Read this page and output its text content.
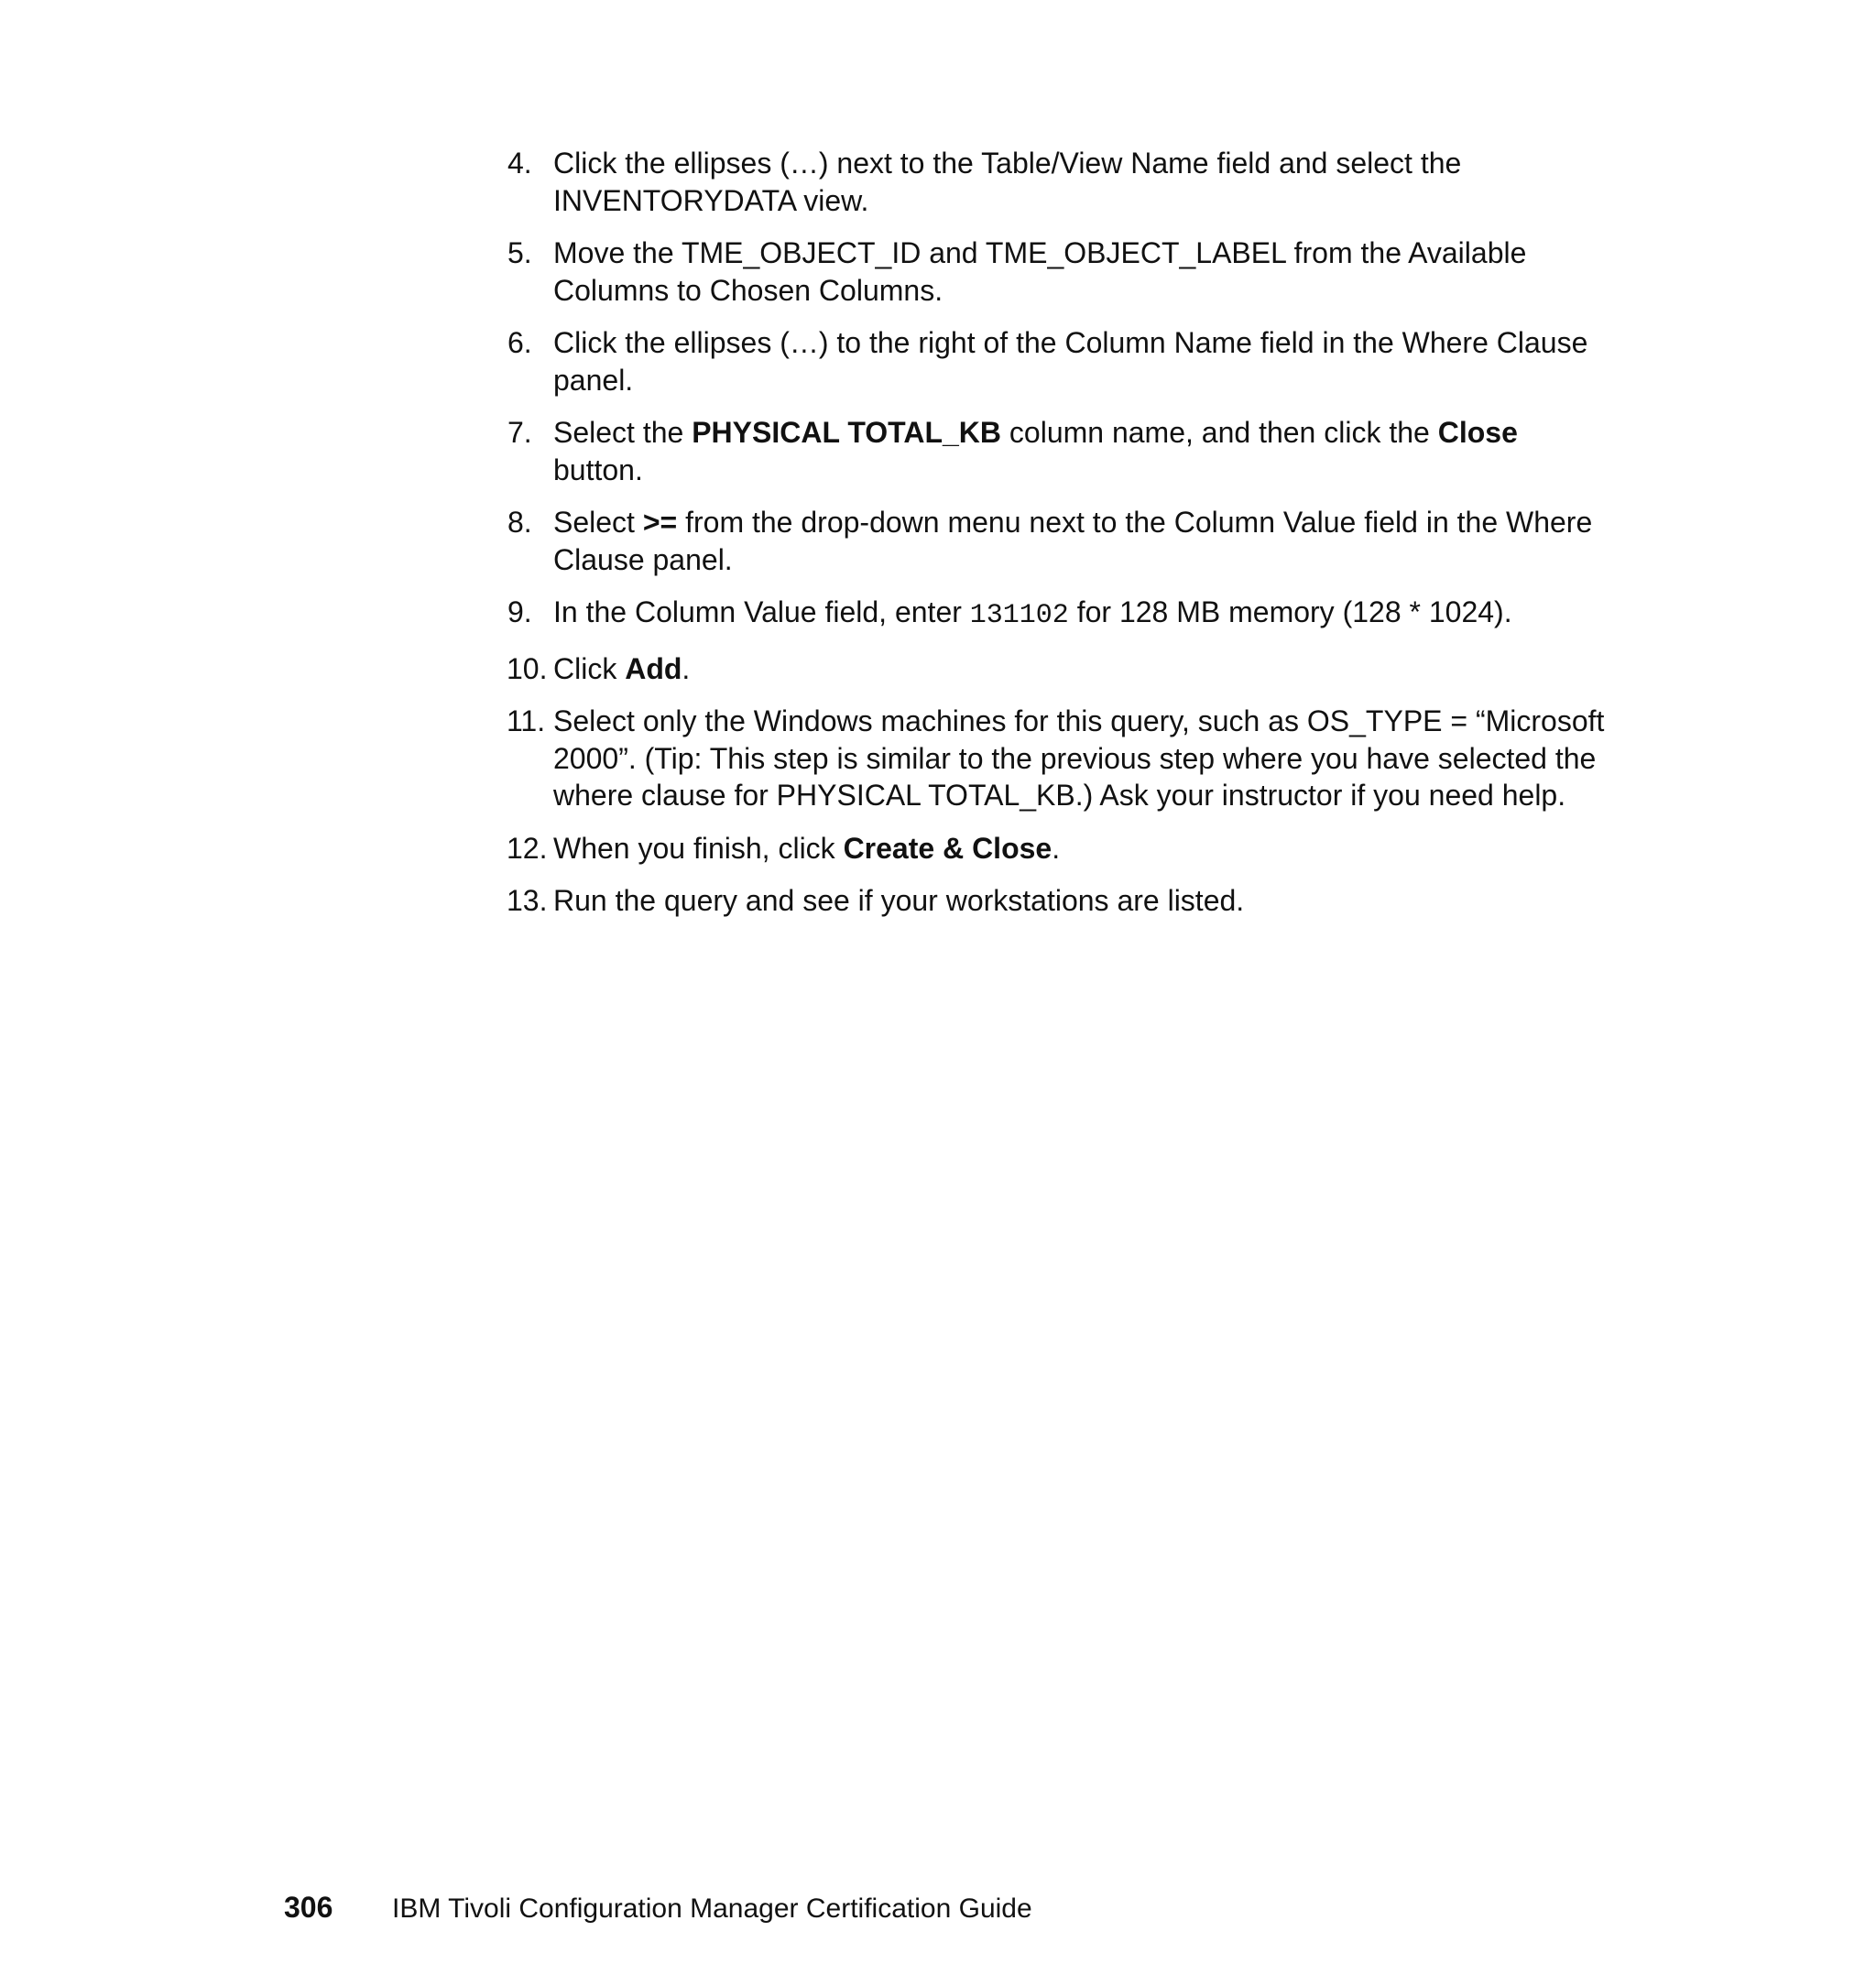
4. Click the ellipses (…) next to the Table/View Name field and select the INVENTORYDATA view.
5. Move the TME_OBJECT_ID and TME_OBJECT_LABEL from the Available Columns to Chosen Columns.
6. Click the ellipses (…) to the right of the Column Name field in the Where Clause panel.
7. Select the PHYSICAL TOTAL_KB column name, and then click the Close button.
8. Select >= from the drop-down menu next to the Column Value field in the Where Clause panel.
9. In the Column Value field, enter 131102 for 128 MB memory (128 * 1024).
10. Click Add.
11. Select only the Windows machines for this query, such as OS_TYPE = “Microsoft 2000”. (Tip: This step is similar to the previous step where you have selected the where clause for PHYSICAL TOTAL_KB.) Ask your instructor if you need help.
12. When you finish, click Create & Close.
13. Run the query and see if your workstations are listed.
306 IBM Tivoli Configuration Manager Certification Guide
